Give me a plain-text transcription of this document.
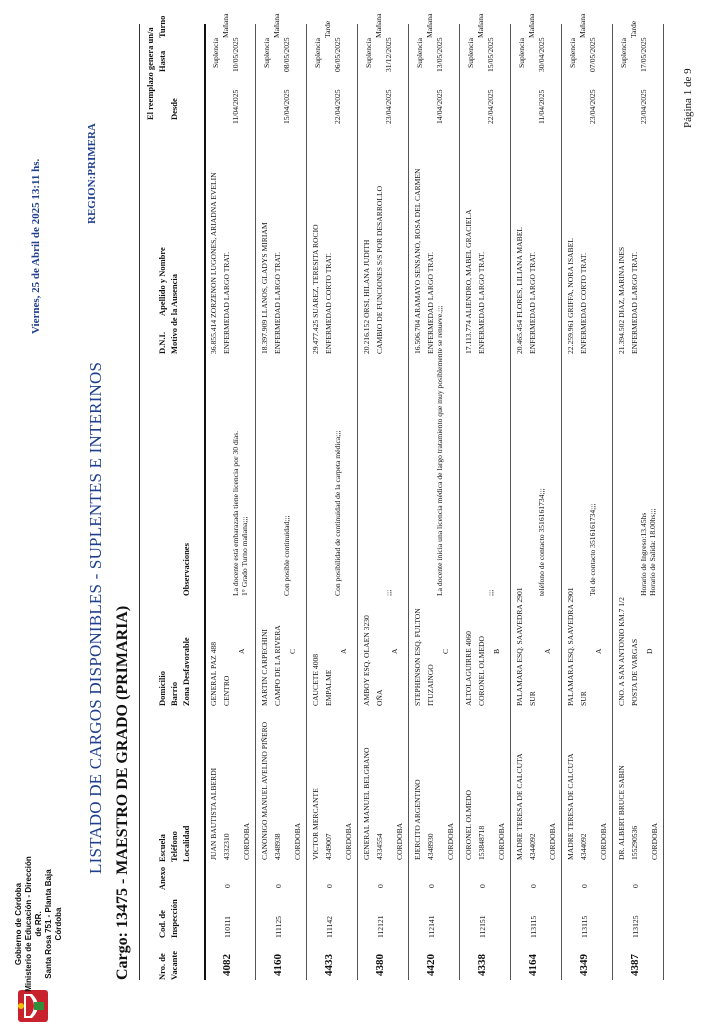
Gobierno de Córdoba Ministerio de Educación - Dirección de RR. Santa Rosa 751 - Planta Baja Córdoba
Viernes, 25 de Abril de 2025 13:11 hs.
LISTADO DE CARGOS DISPONIBLES - SUPLENTES E INTERINOS
REGION:PRIMERA
Cargo: 13475 - MAESTRO DE GRADO (PRIMARIA)	Nro. de Vacante
Cod. de Inspección
Anexo
Escuela Teléfono Localidad
Domicilio Barrio Zona Desfavorable
Observaciones
D.N.I.
Apellido y Nombre Motivo de la Ausencia
Desde
El reemplazo genera un/a Hasta
Turno
4082
110111
0
JUAN BAUTISTA ALBERDI 4332310 CORDOBA
GENERAL PAZ 488 CENTRO
A
La docente está embarazada tiene licencia por 30 días. 1° Grado Turno mañana;;;
36.855.414 ZORZENON LUGONES, ARIADNA EVELIN ENFERMEDAD LARGO TRAT.
11/04/2025
Suplencia 10/05/2025
Mañana
4160
111125
0
CANONIGO MANUEL AVELINO PIÑERO 4348938 CORDOBA
MARTIN CARPECHINI CAMPO DE LA RIVERA C
Con posible continuidad;;;
18.397.909 LLANOS, GLADYS MIRIAM ENFERMEDAD LARGO TRAT.
15/04/2025
Suplencia 08/05/2025
Mañana
4433
111142
0
VICTOR MERCANTE 4349007 CORDOBA
CAUCETE 4008 EMPALME
A
Con posibilidad de continuidad de la carpeta médica;;;
29.477.425 SUAREZ, TERESITA ROCIO ENFERMEDAD CORTO TRAT.
22/04/2025
Suplencia 06/05/2025
Tarde
4380
112121
0
GENERAL MANUEL BELGRANO 4334554 CORDOBA
AMBOY ESQ. OLAEN 3230 OÑA
A
;;;
20.216.152 ORSI, HILANA JUDITH CAMBIO DE FUNCIONES S/S POR DESARROLLO
23/04/2025
Suplencia 31/12/2025
Mañana
4420
112141
0
EJERCITO ARGENTINO 4348930 CORDOBA
STEPHENSON ESQ. FULTON ITUZAINGO
C
La docente inicia una licencia médica de largo tratamiento que muy posiblemente se renueve.;;;
16.506.704 ARAMAYO SENSANO, ROSA DEL CARMEN ENFERMEDAD LARGO TRAT.
14/04/2025
Suplencia 13/05/2025
Mañana
4338
112151
0
CORONEL OLMEDO 153848718 CORDOBA
ALTOLAGUIRRE 4060 CORONEL OLMEDO B
;;;
17.113.774 ALIENDRO, MABEL GRACIELA ENFERMEDAD LARGO TRAT.
22/04/2025
Suplencia 15/05/2025
Mañana
4164
113115
0
MADRE TERESA DE CALCUTA 4344092 CORDOBA
PALAMARA ESQ. SAAVEDRA 2901 SUR
A
teléfono de contacto 3516161734;;;
20.465.454 FLORES, LILIANA MABEL ENFERMEDAD LARGO TRAT.
11/04/2025
Suplencia 30/04/2025
Mañana
4349
113115
0
MADRE TERESA DE CALCUTA 4344092 CORDOBA
PALAMARA ESQ. SAAVEDRA 2901 SUR
A
Tel de contacto 3516161734;;;
22.259.961 GRIFFA, NORA ISABEL ENFERMEDAD CORTO TRAT.
23/04/2025
Suplencia 07/05/2025
Mañana
4387
113125
0
DR. ALBERT BRUCE SABIN 155290536 CORDOBA
CNO. A SAN ANTONIO KM.7 1/2 POSTA DE VARGAS D
Horario de Ingreso:13.45hs Horario de Salida: 18.00hs;;;
21.394.502 DIAZ, MARINA INES ENFERMEDAD LARGO TRAT.
23/04/2025
Suplencia 17/05/2025
Tarde
Página 1 de 9
